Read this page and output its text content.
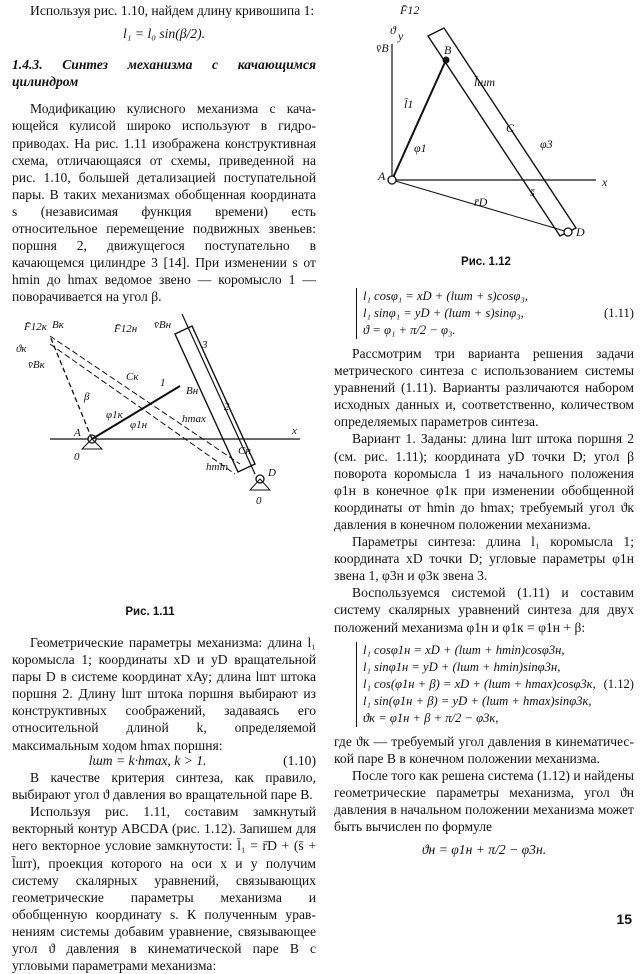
Используя рис. 1.10, найдем длину кривошипа 1:

l₁ = l₀ sin(β/2).

1.4.3. Синтез механизма с качающимся цилиндром

Модификацию кулисного механизма с качающейся кулисой широко используют в гидроприводах. На рис. 1.11 изображена конструктивная схема, отличающаяся от схемы, приведенной на рис. 1.10, большей детализацией поступательной пары. В таких механизмах обобщенная координата s (независимая функция времени) есть относительное перемещение подвижных звеньев: поршня 2, движущегося поступательно в качающемся цилиндре 3 [14]. При изменении s от hmin до hmax ведомое звено — коромысло 1 — поворачивается на угол β.

F̄12к Bк
ϑк
v̄Bк
F̄12н v̄Bн
3
1
Bн
Cк
β
φ1к
φ1н	hmax
2
A
0
x
Cн
hmin	D
0
Рис. 1.11

Геометрические параметры механизма: длина l₁ коромысла 1; координаты xD и yD вращательной пары D в системе координат xAy; длина lшт штока поршня 2. Длину lшт штока поршня выбирают из конструктивных соображений, задаваясь его относительной длиной k, определяемой максимальным ходом hmax поршня:

y
F̄12
ϑ
v̄B	B
l̄шт
l̄1
C
φ1	φ3
A	x
s̄
r̄D
D
Рис. 1.12
l₁ cosφ₁ = xD + (lшт + s)cosφ₃,
l₁ sinφ₁ = yD + (lшт + s)sinφ₃,
ϑ = φ₁ + π/2 − φ₃.
(1.11)

Рассмотрим три варианта решения задачи метрического синтеза с использованием системы уравнений (1.11). Варианты различаются набором исходных данных и, соответственно, количеством определяемых параметров синтеза.

Вариант 1. Заданы: длина lшт штока поршня 2 (см. рис. 1.11); координата yD точки D; угол β поворота коромысла 1 из начального положения φ1н в конечное φ1к при изменении обобщенной координаты от hmin до hmax; требуемый угол ϑк давления в конечном положении механизма.

Параметры синтеза: длина l₁ коромысла 1; координата xD точки D; угловые параметры φ1н звена 1, φ3н и φ3к звена 3.

Воспользуемся системой (1.11) и составим систему скалярных уравнений синтеза для двух положений механизма φ1н и φ1к = φ1н + β:

l₁ cosφ1н = xD + (lшт + hmin)cosφ3н,
l₁ sinφ1н = yD + (lшт + hmin)sinφ3н,
l₁ cos(φ1н + β) = xD + (lшт + hmax)cosφ3к,
l₁ sin(φ1н + β) = yD + (lшт + hmax)sinφ3к,
ϑк = φ1н + β + π/2 − φ3к,
(1.12)

где ϑк — требуемый угол давления в кинематической паре B в конечном положении механизма.

После того как решена система (1.12) и найдены геометрические параметры механизма, угол ϑн давления в начальном положении механизма может быть вычислен по формуле

ϑн = φ1н + π/2 − φ3н.

lшт = k·hmax, k > 1.	(1.10)

В качестве критерия синтеза, как правило, выбирают угол ϑ давления во вращательной паре B.

Используя рис. 1.11, составим замкнутый векторный контур ABCDA (рис. 1.12). Запишем для него векторное условие замкнутости: l̄₁ = r̄D + (s̄ + l̄шт), проекция которого на оси x и y получим систему скалярных уравнений, связывающих геометрические параметры механизма и обобщенную координату s. К полученным уравнениям системы добавим уравнение, связывающее угол ϑ давления в кинематической паре B с угловыми параметрами механизма:

15
